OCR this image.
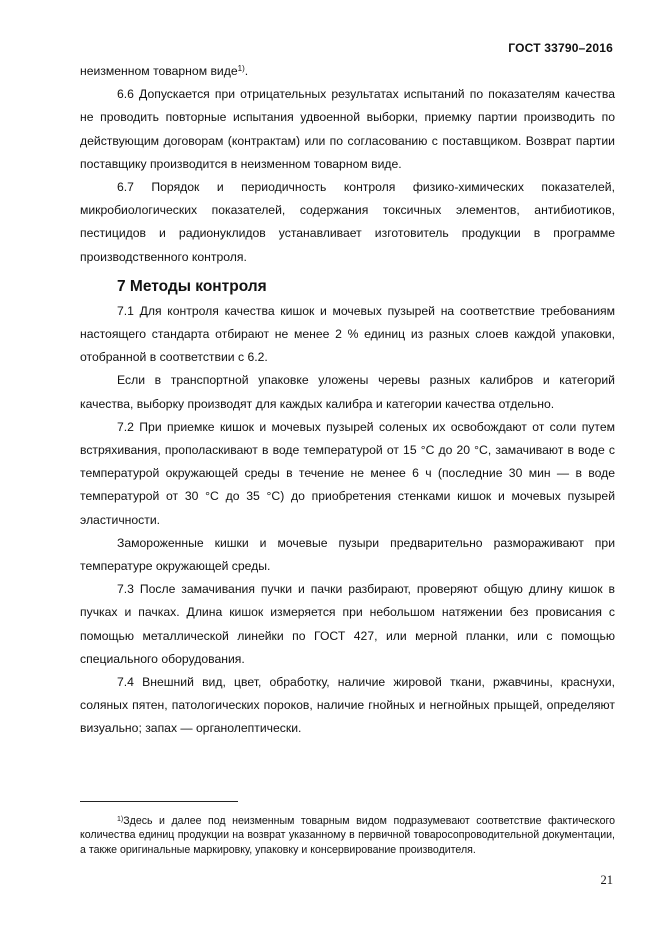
ГОСТ 33790–2016

неизменном товарном виде$^{1)}$.

6.6 Допускается при отрицательных результатах испытаний по показателям качества не проводить повторные испытания удвоенной выборки, приемку партии производить по действующим договорам (контрактам) или по согласованию с поставщиком. Возврат партии поставщику производится в неизменном товарном виде.

6.7 Порядок и периодичность контроля физико-химических показателей, микробиологических показателей, содержания токсичных элементов, антибиотиков, пестицидов и радионуклидов устанавливает изготовитель продукции в программе производственного контроля.

7 Методы контроля

7.1 Для контроля качества кишок и мочевых пузырей на соответствие требованиям настоящего стандарта отбирают не менее 2 % единиц из разных слоев каждой упаковки, отобранной в соответствии с 6.2.

Если в транспортной упаковке уложены черевы разных калибров и категорий качества, выборку производят для каждых калибра и категории качества отдельно.

7.2 При приемке кишок и мочевых пузырей соленых их освобождают от соли путем встряхивания, прополаскивают в воде температурой от 15 °С до 20 °С, замачивают в воде с температурой окружающей среды в течение не менее 6 ч (последние 30 мин — в воде температурой от 30 °С до 35 °С) до приобретения стенками кишок и мочевых пузырей эластичности.

Замороженные кишки и мочевые пузыри предварительно размораживают при температуре окружающей среды.

7.3 После замачивания пучки и пачки разбирают, проверяют общую длину кишок в пучках и пачках. Длина кишок измеряется при небольшом натяжении без провисания с помощью металлической линейки по ГОСТ 427, или мерной планки, или с помощью специального оборудования.

7.4 Внешний вид, цвет, обработку, наличие жировой ткани, ржавчины, краснухи, соляных пятен, патологических пороков, наличие гнойных и негнойных прыщей, определяют визуально; запах — органолептически.

$^{1)}$Здесь и далее под неизменным товарным видом подразумевают соответствие фактического количества единиц продукции на возврат указанному в первичной товаросопроводительной документации, а также оригинальные маркировку, упаковку и консервирование производителя.

21
